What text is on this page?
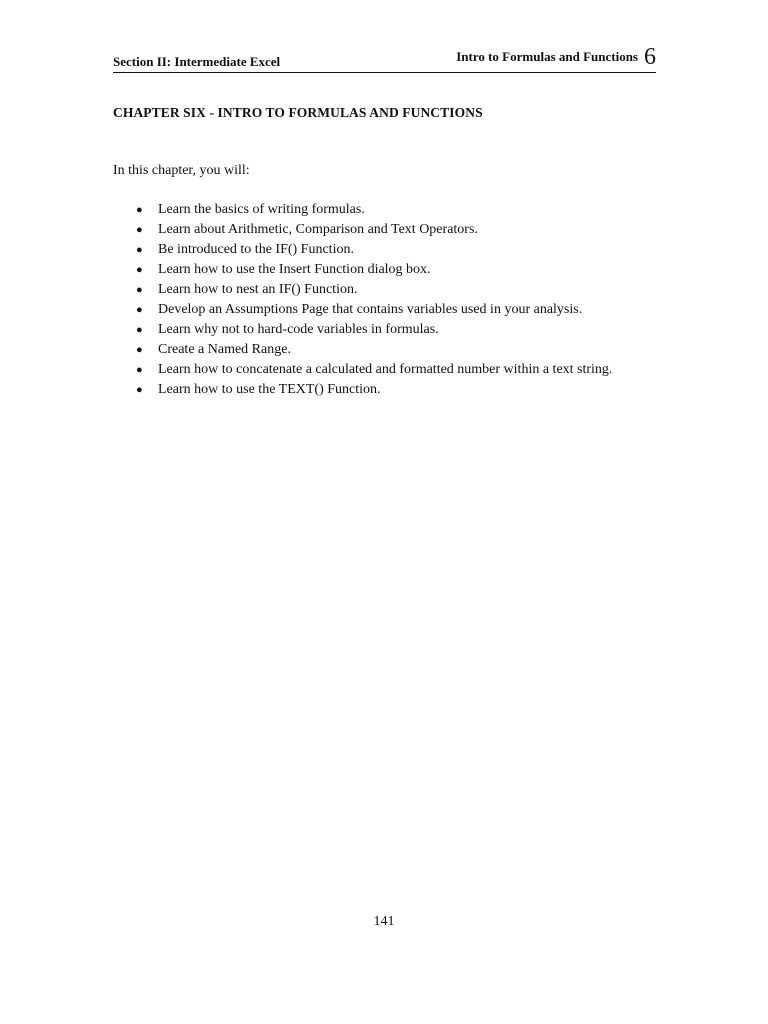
Section II: Intermediate Excel	Intro to Formulas and Functions 6
CHAPTER SIX - INTRO TO FORMULAS AND FUNCTIONS
In this chapter, you will:
● Learn the basics of writing formulas.
● Learn about Arithmetic, Comparison and Text Operators.
● Be introduced to the IF() Function.
● Learn how to use the Insert Function dialog box.
● Learn how to nest an IF() Function.
● Develop an Assumptions Page that contains variables used in your analysis.
● Learn why not to hard-code variables in formulas.
● Create a Named Range.
● Learn how to concatenate a calculated and formatted number within a text string.
● Learn how to use the TEXT() Function.
141
